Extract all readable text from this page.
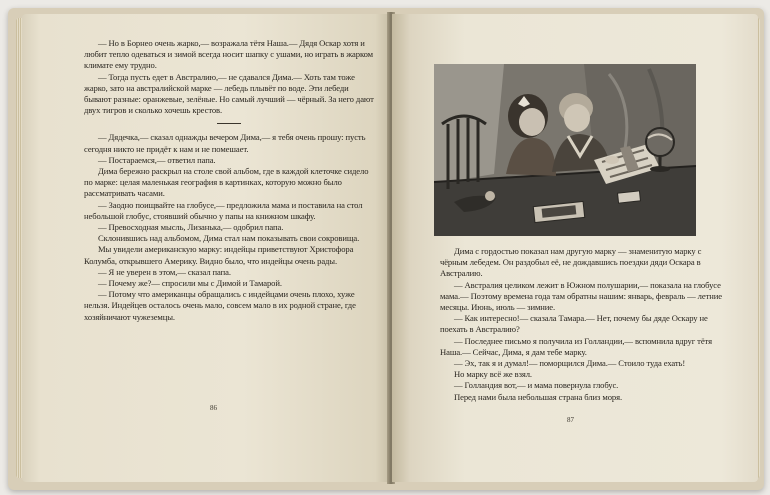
— Но в Борнео очень жарко,— возражала тётя Наша.— Дядя Оскар хотя и любит тепло одеваться и зимой всегда носит шапку с ушами, но играть в жарком климате ему трудно.

— Тогда пусть едет в Австралию,— не сдавался Дима.— Хоть там тоже жарко, зато на австралийской марке — лебедь плывёт по воде. Эти лебеди бывают разные: оранжевые, зелёные. Но самый лучший — чёрный. За него дают двух тигров и сколько хочешь крестов.

— Дядечка,— сказал однажды вечером Дима,— я тебя очень прошу: пусть сегодня никто не придёт к нам и не помешает.

— Постараемся,— ответил папа.

Дима бережно раскрыл на столе свой альбом, где в каждой клеточке сидело по марке: целая маленькая география в картинках, которую можно было рассматривать часами.

— Заодно поищвайте на глобусе,— предложила мама и поставила на стол небольшой глобус, стоявший обычно у папы на книжном шкафу.

— Превосходная мысль, Лизанька,— одобрил папа.

Склонившись над альбомом, Дима стал нам показывать свои сокровища.

Мы увидели американскую марку: индейцы приветствуют Христофора Колумба, открывшего Америку. Видно было, что индейцы очень рады.

— Я не уверен в этом,— сказал папа.

— Почему же?— спросили мы с Димой и Тамарой.

— Потому что американцы обращались с индейцами очень плохо, хуже нельзя. Индейцев осталось очень мало, совсем мало в их родной стране, где хозяйничают чужеземцы.

86

Дима с гордостью показал нам другую марку — знаменитую марку с чёрным лебедем. Он раздобыл её, не дождавшись поездки дяди Оскара в Австралию.

— Австралия целиком лежит в Южном полушарии,— показала на глобусе мама.— Поэтому времена года там обратны нашим: январь, февраль — летние месяцы. Июнь, июль — зимние.

— Как интересно!— сказала Тамара.— Нет, почему бы дяде Оскару не поехать в Австралию?

— Последнее письмо я получила из Голландии,— вспомнила вдруг тётя Наша.— Сейчас, Дима, я дам тебе марку.

— Эх, так я и думал!— поморщился Дима.— Стоило туда ехать!

Но марку всё же взял.

— Голландия вот,— и мама повернула глобус.

Перед нами была небольшая страна близ моря.

87
